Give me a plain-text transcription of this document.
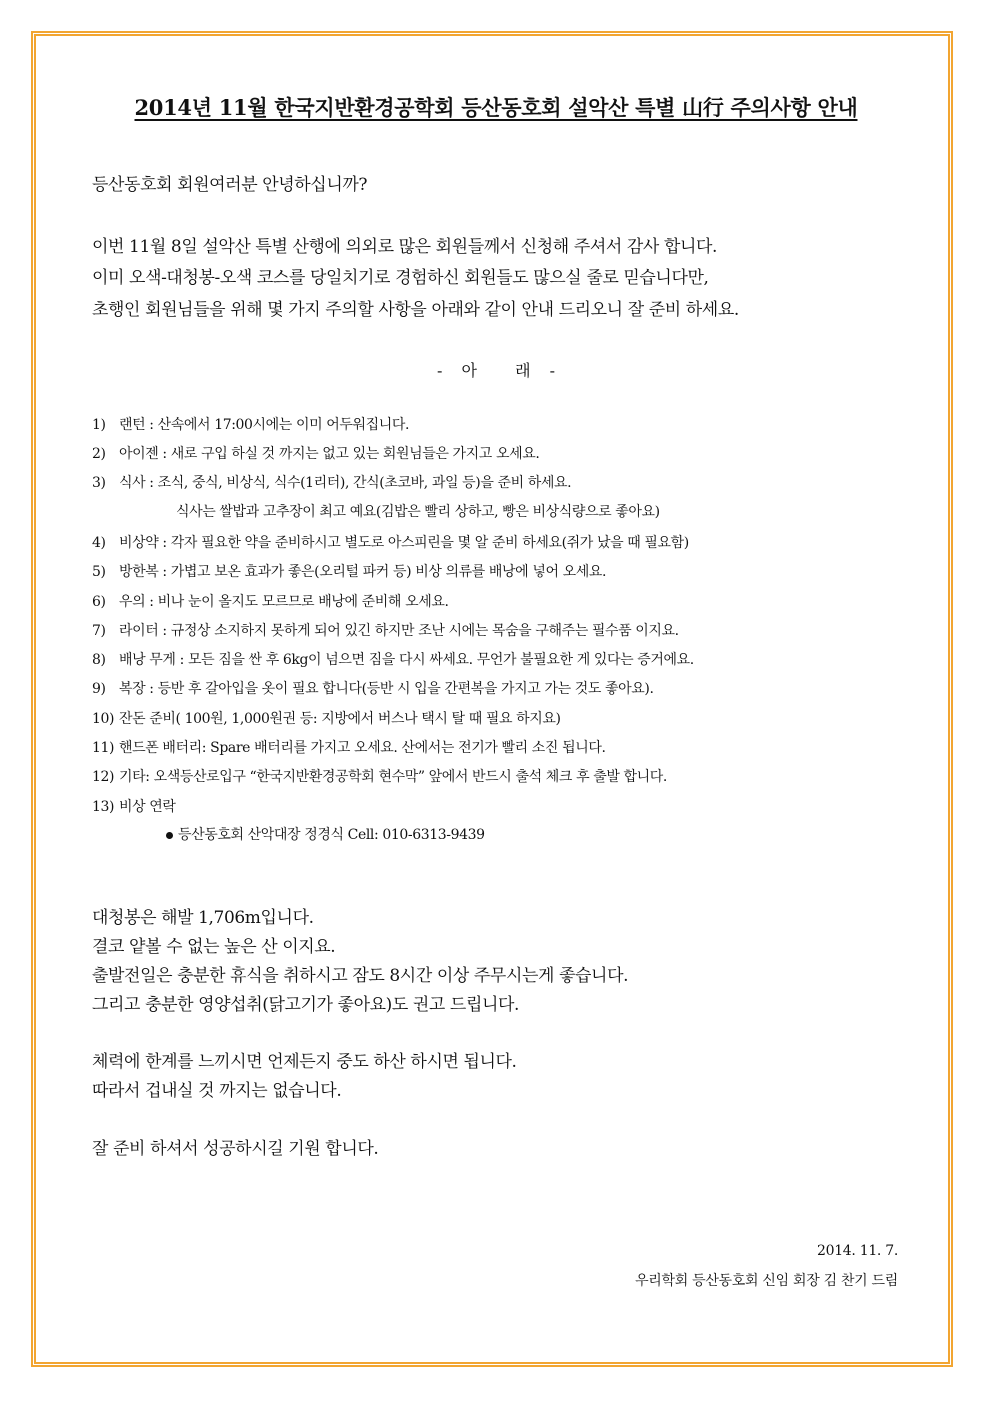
2014년 11월 한국지반환경공학회 등산동호회 설악산 특별 山行 주의사항 안내
등산동호회 회원여러분 안녕하십니까?
이번 11월 8일 설악산 특별 산행에 의외로 많은 회원들께서 신청해 주셔서 감사 합니다.
이미 오색-대청봉-오색 코스를 당일치기로 경험하신 회원들도 많으실 줄로 믿습니다만,
초행인 회원님들을 위해 몇 가지 주의할 사항을 아래와 같이 안내 드리오니 잘 준비 하세요.
- 아  래 -
1) 랜턴 : 산속에서 17:00시에는 이미 어두워집니다.
2) 아이젠 : 새로 구입 하실 것 까지는 없고 있는 회원님들은 가지고 오세요.
3) 식사 : 조식, 중식, 비상식, 식수(1리터), 간식(초코바, 과일 등)을 준비 하세요.
식사는 쌀밥과 고추장이 최고 예요(김밥은 빨리 상하고, 빵은 비상식량으로 좋아요)
4) 비상약 : 각자 필요한 약을 준비하시고 별도로 아스피린을 몇 알 준비 하세요(쥐가 났을 때 필요함)
5) 방한복 : 가볍고 보온 효과가 좋은(오리털 파커 등) 비상 의류를 배낭에 넣어 오세요.
6) 우의 : 비나 눈이 올지도 모르므로 배낭에 준비해 오세요.
7) 라이터 : 규정상 소지하지 못하게 되어 있긴 하지만 조난 시에는 목숨을 구해주는 필수품 이지요.
8) 배낭 무게 : 모든 짐을 싼 후 6kg이 넘으면 짐을 다시 싸세요. 무언가 불필요한 게 있다는 증거에요.
9) 복장 : 등반 후 갈아입을 옷이 필요 합니다(등반 시 입을 간편복을 가지고 가는 것도 좋아요).
10) 잔돈 준비( 100원, 1,000원권 등: 지방에서 버스나 택시 탈 때 필요 하지요)
11) 핸드폰 배터리: Spare 배터리를 가지고 오세요. 산에서는 전기가 빨리 소진 됩니다.
12) 기타: 오색등산로입구 “한국지반환경공학회 현수막” 앞에서 반드시 출석 체크 후 출발 합니다.
13) 비상 연락
등산동호회 산악대장 정경식 Cell: 010-6313-9439
대청봉은 해발 1,706m입니다.
결코 얕볼 수 없는 높은 산 이지요.
출발전일은 충분한 휴식을 취하시고 잠도 8시간 이상 주무시는게 좋습니다.
그리고 충분한 영양섭취(닭고기가 좋아요)도 권고 드립니다.
체력에 한계를 느끼시면 언제든지 중도 하산 하시면 됩니다.
따라서 겁내실 것 까지는 없습니다.
잘 준비 하셔서 성공하시길 기원 합니다.
2014. 11. 7.
우리학회 등산동호회 신임 회장 김 찬기 드림
